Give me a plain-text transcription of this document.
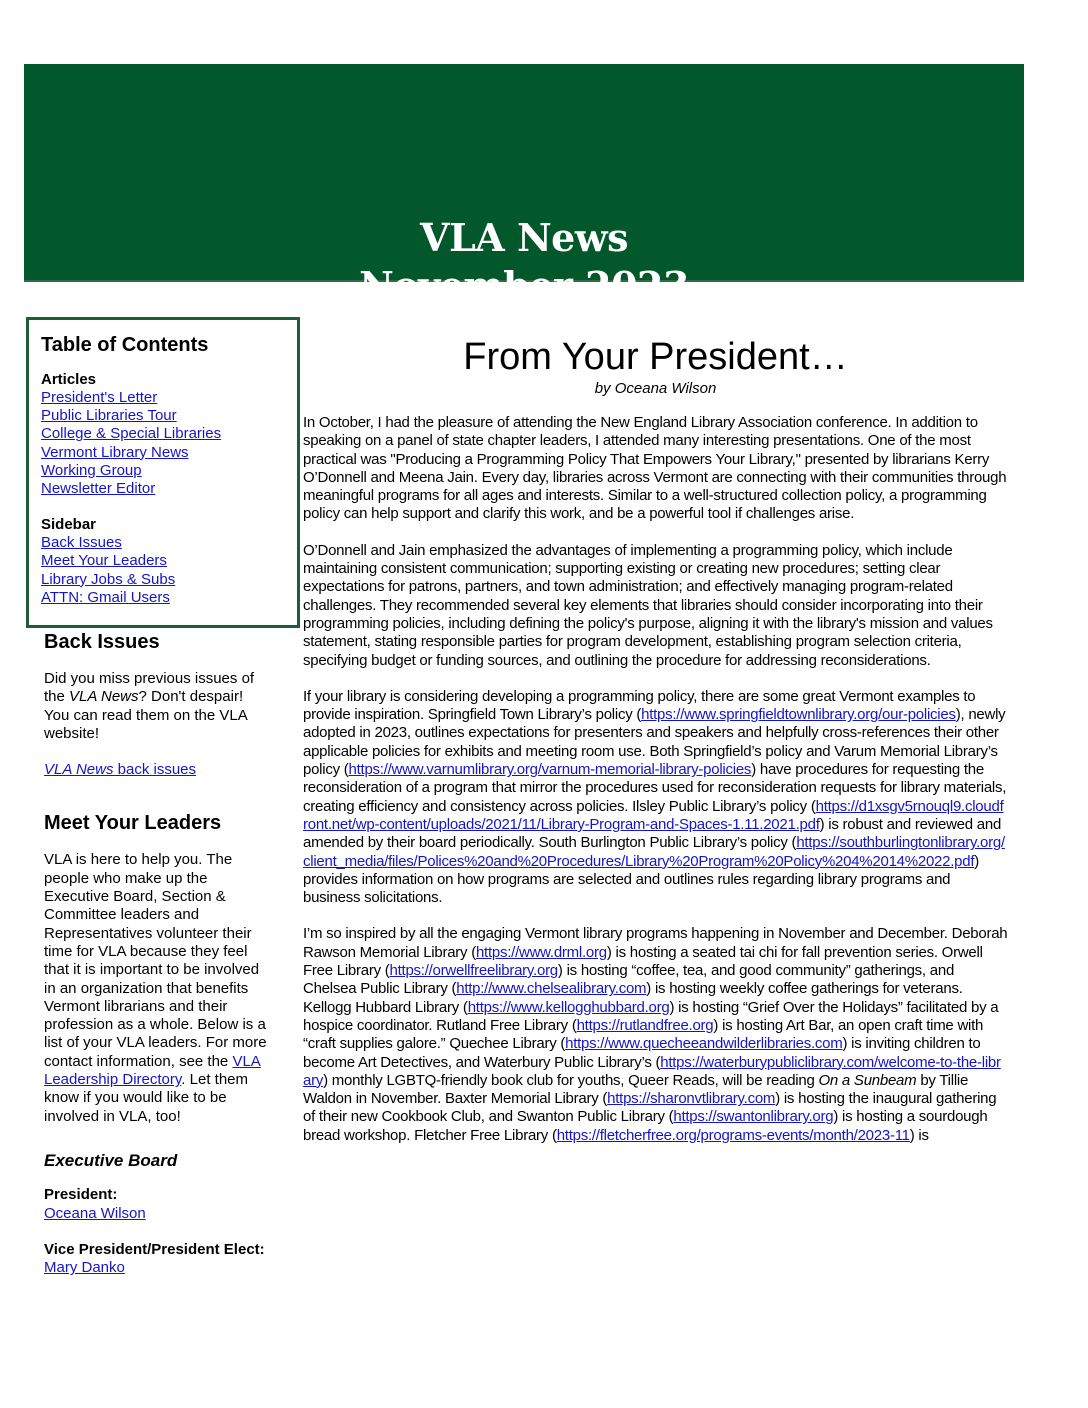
VLA News
November 2023
Table of Contents
Articles
President's Letter
Public Libraries Tour
College & Special Libraries
Vermont Library News
Working Group
Newsletter Editor
Sidebar
Back Issues
Meet Your Leaders
Library Jobs & Subs
ATTN: Gmail Users
Back Issues

Did you miss previous issues of the VLA News? Don't despair! You can read them on the VLA website!

VLA News back issues

Meet Your Leaders

VLA is here to help you. The people who make up the Executive Board, Section & Committee leaders and Representatives volunteer their time for VLA because they feel that it is important to be involved in an organization that benefits Vermont librarians and their profession as a whole. Below is a list of your VLA leaders. For more contact information, see the VLA Leadership Directory. Let them know if you would like to be involved in VLA, too!

Executive Board
President:
Oceana Wilson
Vice President/President Elect:
Mary Danko
From Your President…
by Oceana Wilson

In October, I had the pleasure of attending the New England Library Association conference. In addition to speaking on a panel of state chapter leaders, I attended many interesting presentations. One of the most practical was "Producing a Programming Policy That Empowers Your Library," presented by librarians Kerry O’Donnell and Meena Jain. Every day, libraries across Vermont are connecting with their communities through meaningful programs for all ages and interests. Similar to a well-structured collection policy, a programming policy can help support and clarify this work, and be a powerful tool if challenges arise.

O’Donnell and Jain emphasized the advantages of implementing a programming policy, which include maintaining consistent communication; supporting existing or creating new procedures; setting clear expectations for patrons, partners, and town administration; and effectively managing program-related challenges. They recommended several key elements that libraries should consider incorporating into their programming policies, including defining the policy's purpose, aligning it with the library's mission and values statement, stating responsible parties for program development, establishing program selection criteria, specifying budget or funding sources, and outlining the procedure for addressing reconsiderations.

If your library is considering developing a programming policy, there are some great Vermont examples to provide inspiration. Springfield Town Library’s policy (https://www.springfieldtownlibrary.org/our-policies), newly adopted in 2023, outlines expectations for presenters and speakers and helpfully cross-references their other applicable policies for exhibits and meeting room use. Both Springfield’s policy and Varum Memorial Library’s policy (https://www.varnumlibrary.org/varnum-memorial-library-policies) have procedures for requesting the reconsideration of a program that mirror the procedures used for reconsideration requests for library materials, creating efficiency and consistency across policies. Ilsley Public Library’s policy (https://d1xsgv5rnouql9.cloudfront.net/wp-content/uploads/2021/11/Library-Program-and-Spaces-1.11.2021.pdf) is robust and reviewed and amended by their board periodically. South Burlington Public Library’s policy (https://southburlingtonlibrary.org/client_media/files/Polices%20and%20Procedures/Library%20Program%20Policy%204%2014%2022.pdf) provides information on how programs are selected and outlines rules regarding library programs and business solicitations.

I’m so inspired by all the engaging Vermont library programs happening in November and December. Deborah Rawson Memorial Library (https://www.drml.org) is hosting a seated tai chi for fall prevention series. Orwell Free Library (https://orwellfreelibrary.org) is hosting “coffee, tea, and good community” gatherings, and Chelsea Public Library (http://www.chelsealibrary.com) is hosting weekly coffee gatherings for veterans. Kellogg Hubbard Library (https://www.kellogghubbard.org) is hosting “Grief Over the Holidays” facilitated by a hospice coordinator. Rutland Free Library (https://rutlandfree.org) is hosting Art Bar, an open craft time with “craft supplies galore.” Quechee Library (https://www.quecheeandwilderlibraries.com) is inviting children to become Art Detectives, and Waterbury Public Library’s (https://waterburypubliclibrary.com/welcome-to-the-library) monthly LGBTQ-friendly book club for youths, Queer Reads, will be reading On a Sunbeam by Tillie Waldon in November. Baxter Memorial Library (https://sharonvtlibrary.com) is hosting the inaugural gathering of their new Cookbook Club, and Swanton Public Library (https://swantonlibrary.org) is hosting a sourdough bread workshop. Fletcher Free Library (https://fletcherfree.org/programs-events/month/2023-11) is
